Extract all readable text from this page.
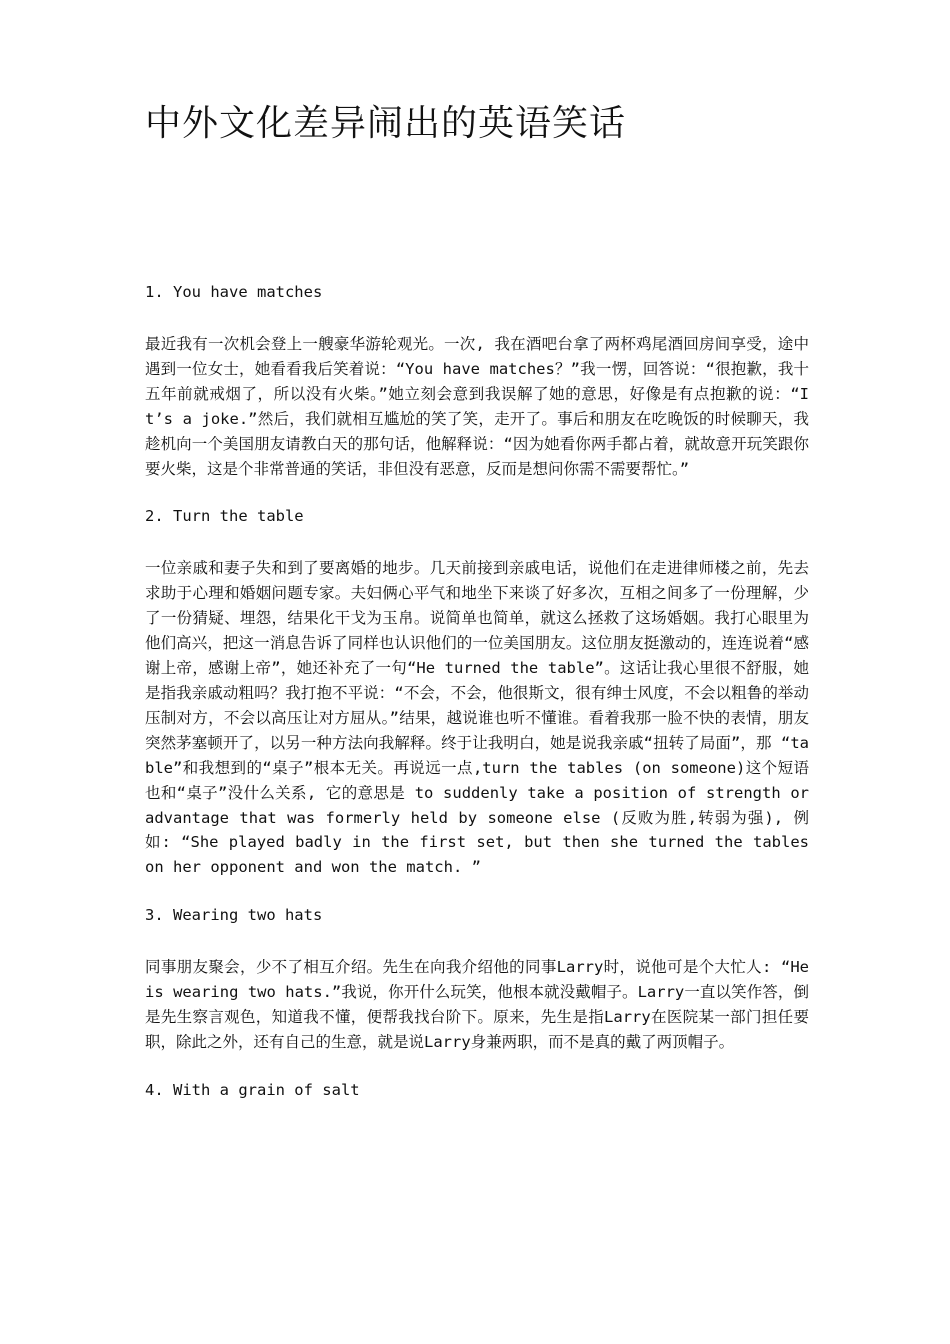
中外文化差异闹出的英语笑话

1. You have matches

最近我有一次机会登上一艘豪华游轮观光。一次, 我在酒吧台拿了两杯鸡尾酒回房间享受，途中遇到一位女士，她看看我后笑着说：“You have matches？”我一愣，回答说：“很抱歉，我十五年前就戒烟了，所以没有火柴。”她立刻会意到我误解了她的意思，好像是有点抱歉的说：“It’s a joke.”然后，我们就相互尴尬的笑了笑，走开了。事后和朋友在吃晚饭的时候聊天，我趁机向一个美国朋友请教白天的那句话，他解释说：“因为她看你两手都占着，就故意开玩笑跟你要火柴，这是个非常普通的笑话，非但没有恶意，反而是想问你需不需要帮忙。”

2. Turn the table

一位亲戚和妻子失和到了要离婚的地步。几天前接到亲戚电话，说他们在走进律师楼之前，先去求助于心理和婚姻问题专家。夫妇俩心平气和地坐下来谈了好多次，互相之间多了一份理解，少了一份猜疑、埋怨，结果化干戈为玉帛。说简单也简单，就这么拯救了这场婚姻。我打心眼里为他们高兴，把这一消息告诉了同样也认识他们的一位美国朋友。这位朋友挺激动的，连连说着“感谢上帝，感谢上帝”，她还补充了一句“He turned the table”。这话让我心里很不舒服，她是指我亲戚动粗吗？我打抱不平说：“不会，不会，他很斯文，很有绅士风度，不会以粗鲁的举动压制对方，不会以高压让对方屈从。”结果，越说谁也听不懂谁。看着我那一脸不快的表情，朋友突然茅塞顿开了，以另一种方法向我解释。终于让我明白，她是说我亲戚“扭转了局面”，那 “table”和我想到的“桌子”根本无关。再说远一点,turn the tables (on someone)这个短语也和“桌子”没什么关系, 它的意思是 to suddenly take a position of strength or advantage that was formerly held by someone else (反败为胜,转弱为强), 例如: “She played badly in the first set, but then she turned the tables on her opponent and won the match. ”

3. Wearing two hats

同事朋友聚会，少不了相互介绍。先生在向我介绍他的同事Larry时，说他可是个大忙人: “He is wearing two hats.”我说，你开什么玩笑，他根本就没戴帽子。Larry一直以笑作答，倒是先生察言观色，知道我不懂，便帮我找台阶下。原来，先生是指Larry在医院某一部门担任要职，除此之外，还有自己的生意，就是说Larry身兼两职，而不是真的戴了两顶帽子。

4. With a grain of salt
